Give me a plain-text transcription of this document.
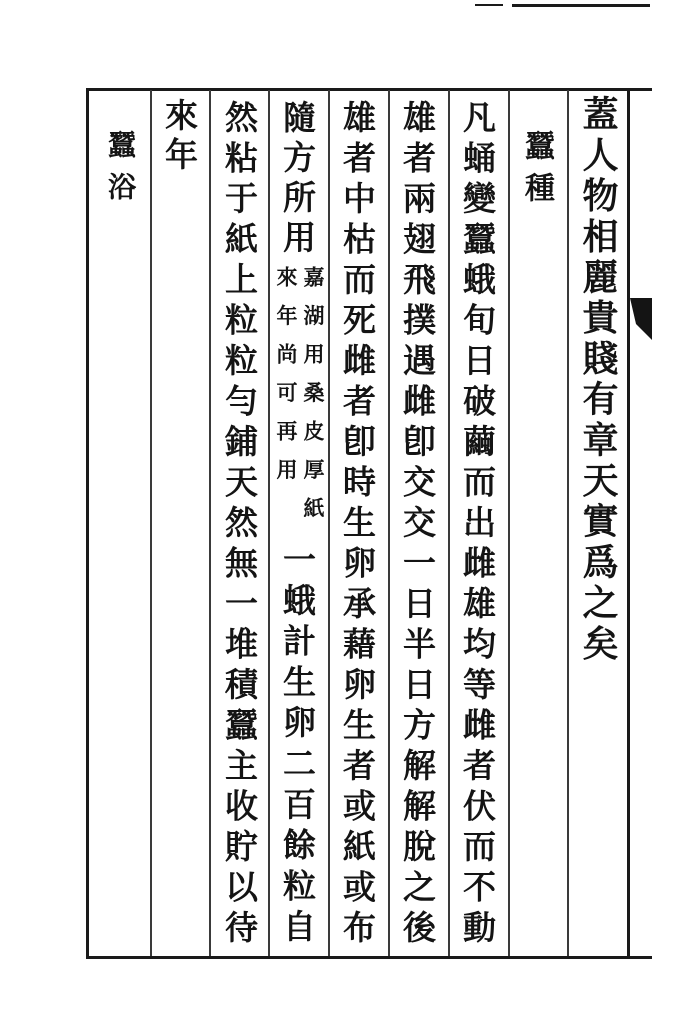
蓋人物相麗貴賤有章天實爲之矣
蠶種
凡蛹變蠶蛾旬日破繭而出雌雄均等雌者伏而不動
雄者兩翅飛撲遇雌卽交交一日半日方解解脫之後
雄者中枯而死雌者卽時生卵承藉卵生者或紙或布
隨方所用
嘉湖用桑皮厚紙
來年尚可再用
一蛾計生卵二百餘粒自
然粘于紙上粒粒勻鋪天然無一堆積蠶主收貯以待
來年
蠶浴
